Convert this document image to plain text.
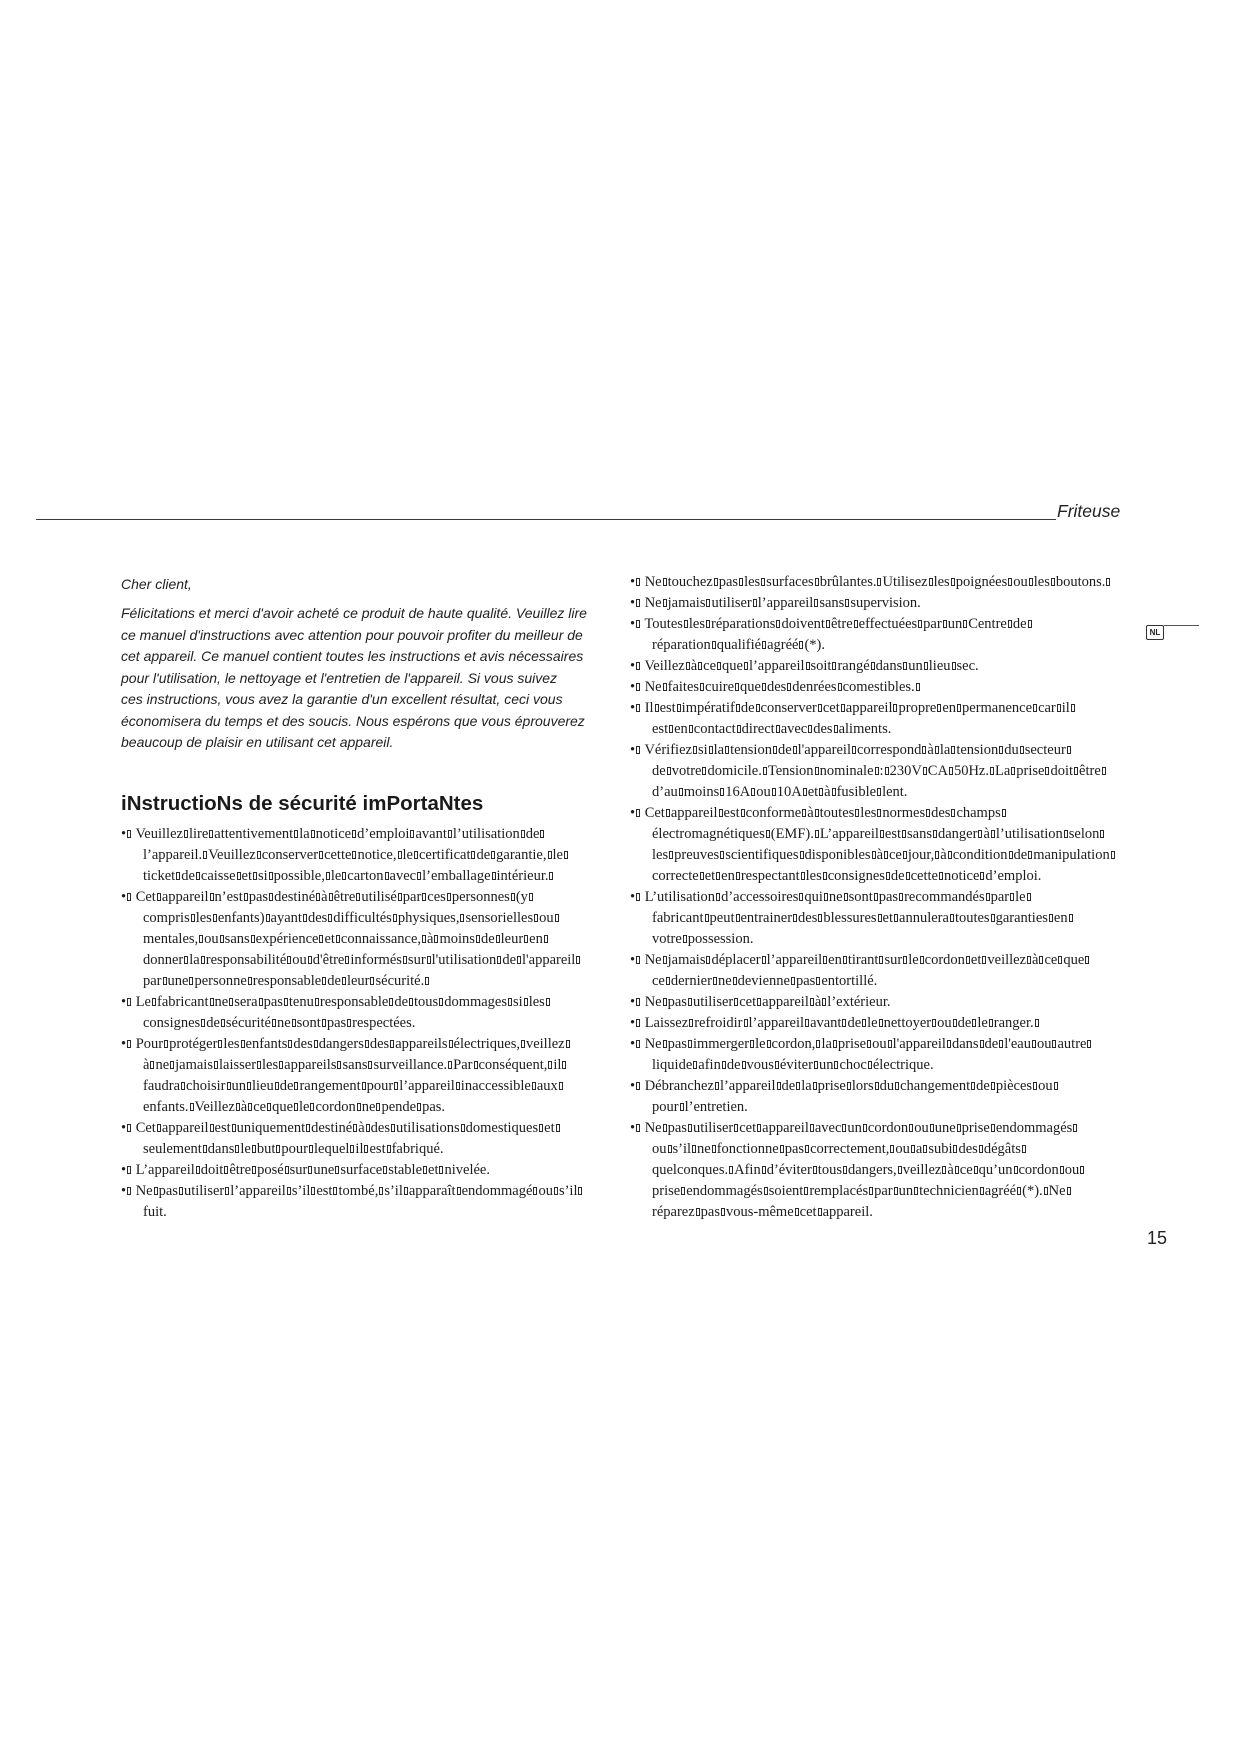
Friteuse
NL
Cher client,
Félicitations et merci d'avoir acheté ce produit de haute qualité. Veuillez lire
ce manuel d'instructions avec attention pour pouvoir profiter du meilleur de
cet appareil. Ce manuel contient toutes les instructions et avis nécessaires
pour l'utilisation, le nettoyage et l'entretien de l'appareil. Si vous suivez
ces instructions, vous avez la garantie d'un excellent résultat, ceci vous
économisera du temps et des soucis. Nous espérons que vous éprouverez
beaucoup de plaisir en utilisant cet appareil.
iNstructioNs de sécurité imPortaNtes
• Veuillez lire attentivement la notice d’emploi avant l’utilisation de
l’appareil. Veuillez conserver cette notice, le certificat de garantie, le
ticket de caisse et si possible, le carton avec l’emballage intérieur.
• Cet appareil n’est pas destiné à être utilisé par ces personnes (y
compris les enfants) ayant des difficultés physiques, sensorielles ou
mentales, ou sans expérience et connaissance, à moins de leur en
donner la responsabilité ou d'être informés sur l'utilisation de l'appareil
par une personne responsable de leur sécurité.
• Le fabricant ne sera pas tenu responsable de tous dommages si les
consignes de sécurité ne sont pas respectées.
• Pour protéger les enfants des dangers des appareils électriques, veillez
à ne jamais laisser les appareils sans surveillance. Par conséquent, il
faudra choisir un lieu de rangement pour l’appareil inaccessible aux
enfants. Veillez à ce que le cordon ne pende pas.
• Cet appareil est uniquement destiné à des utilisations domestiques et
seulement dans le but pour lequel il est fabriqué.
• L’appareil doit être posé sur une surface stable et nivelée.
• Ne pas utiliser l’appareil s’il est tombé, s’il apparaît endommagé ou s’il
fuit.
• Ne touchez pas les surfaces brûlantes. Utilisez les poignées ou les boutons.
• Ne jamais utiliser l’appareil sans supervision.
• Toutes les réparations doivent être effectuées par un Centre de
réparation qualifié agréé (*).
• Veillez à ce que l’appareil soit rangé dans un lieu sec.
• Ne faites cuire que des denrées comestibles.
• Il est impératif de conserver cet appareil propre en permanence car il
est en contact direct avec des aliments.
• Vérifiez si la tension de l'appareil correspond à la tension du secteur
de votre domicile. Tension nominale : 230V CA 50Hz. La prise doit être
d’au moins 16A ou 10A et à fusible lent.
• Cet appareil est conforme à toutes les normes des champs
électromagnétiques (EMF). L’appareil est sans danger à l’utilisation selon
les preuves scientifiques disponibles à ce jour, à condition de manipulation
correcte et en respectant les consignes de cette notice d’emploi.
• L’utilisation d’accessoires qui ne sont pas recommandés par le
fabricant peut entrainer des blessures et annulera toutes garanties en
votre possession.
• Ne jamais déplacer l’appareil en tirant sur le cordon et veillez à ce que
ce dernier ne devienne pas entortillé.
• Ne pas utiliser cet appareil à l’extérieur.
• Laissez refroidir l’appareil avant de le nettoyer ou de le ranger.
• Ne pas immerger le cordon, la prise ou l'appareil dans de l'eau ou autre
liquide afin de vous éviter un choc électrique.
• Débranchez l’appareil de la prise lors du changement de pièces ou
pour l’entretien.
• Ne pas utiliser cet appareil avec un cordon ou une prise endommagés
ou s’il ne fonctionne pas correctement, ou a subi des dégâts
quelconques. Afin d’éviter tous dangers, veillez à ce qu’un cordon ou
prise endommagés soient remplacés par un technicien agréé (*). Ne
réparez pas vous-même cet appareil.
15
